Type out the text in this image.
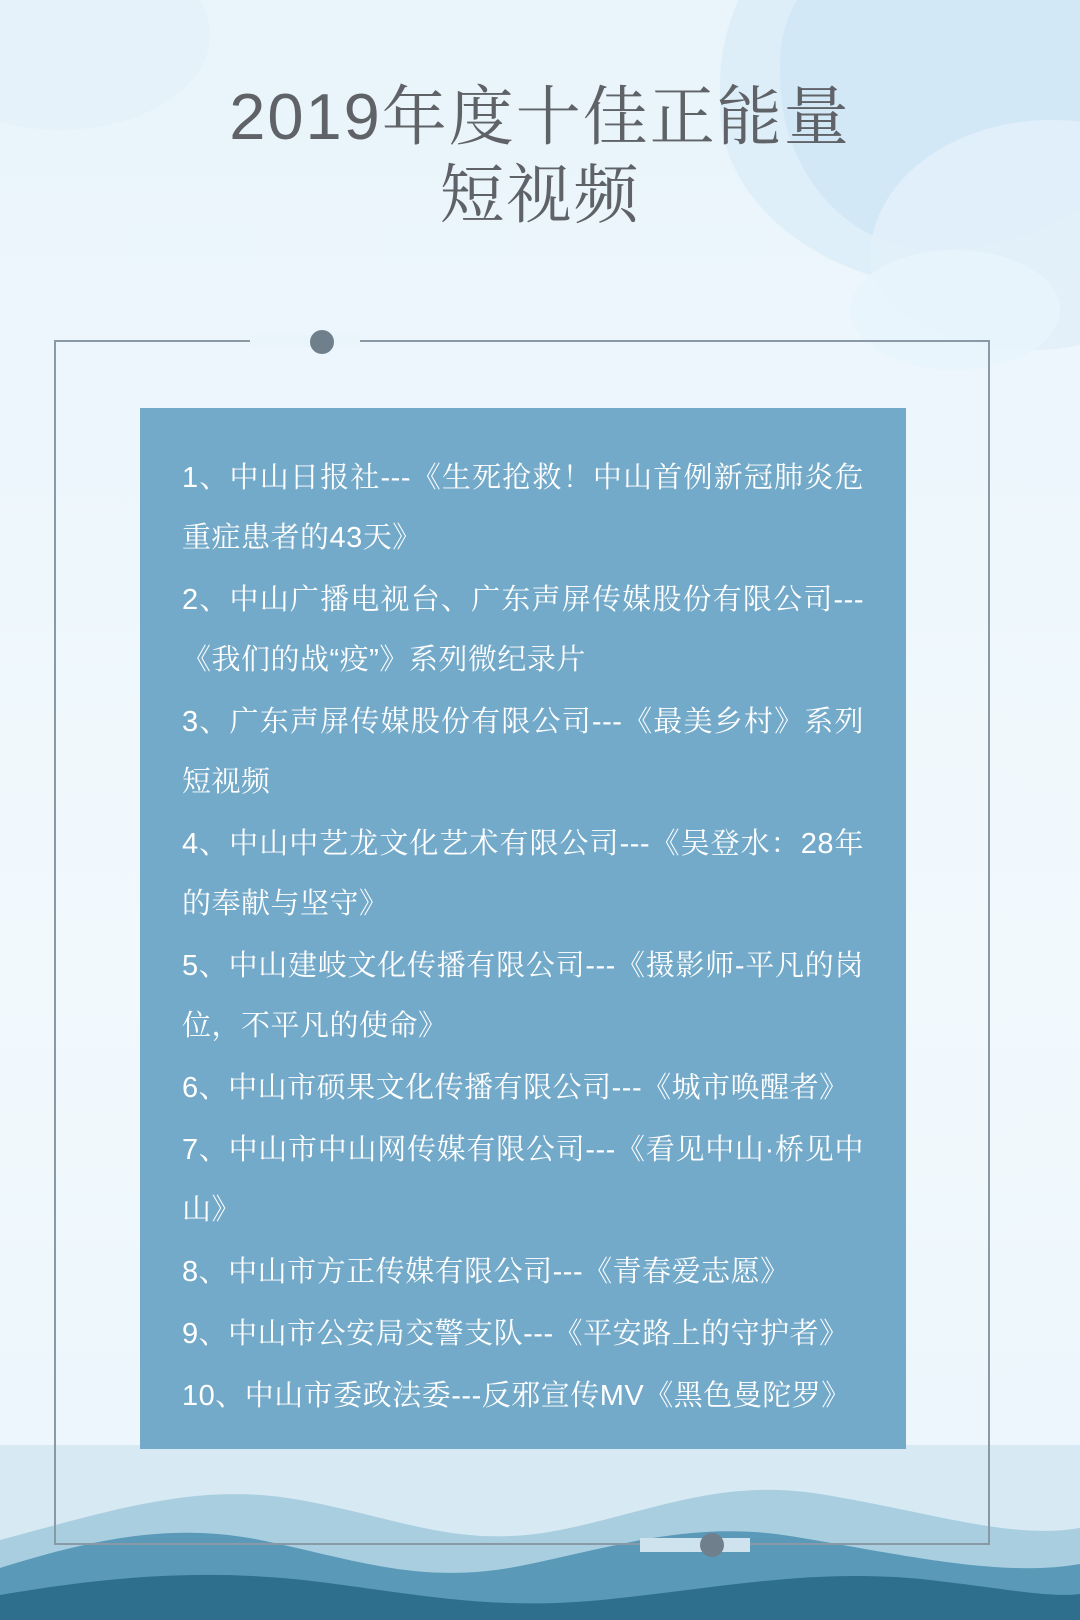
2019年度十佳正能量
短视频
1、中山日报社---《生死抢救！中山首例新冠肺炎危重症患者的43天》
2、中山广播电视台、广东声屏传媒股份有限公司---《我们的战“疫”》系列微纪录片
3、广东声屏传媒股份有限公司---《最美乡村》系列短视频
4、中山中艺龙文化艺术有限公司---《吴登水：28年的奉献与坚守》
5、中山建岐文化传播有限公司---《摄影师-平凡的岗位，不平凡的使命》
6、中山市硕果文化传播有限公司---《城市唤醒者》
7、中山市中山网传媒有限公司---《看见中山·桥见中山》
8、中山市方正传媒有限公司---《青春爱志愿》
9、中山市公安局交警支队---《平安路上的守护者》
10、中山市委政法委---反邪宣传MV《黑色曼陀罗》
